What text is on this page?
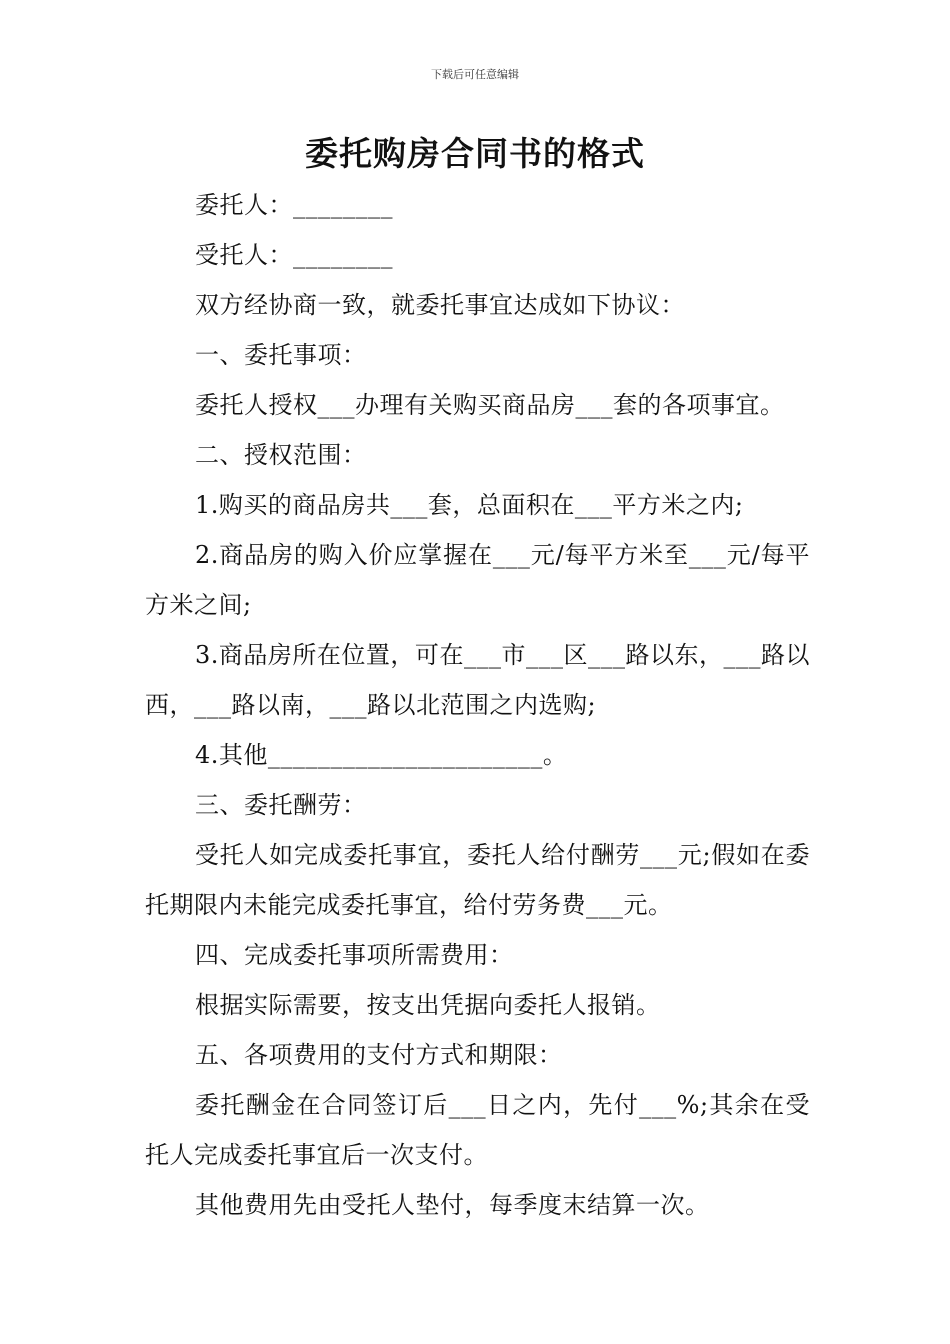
下载后可任意编辑
委托购房合同书的格式

委托人：________

受托人：________

双方经协商一致，就委托事宜达成如下协议：

一、委托事项：

委托人授权___办理有关购买商品房___套的各项事宜。

二、授权范围：

1.购买的商品房共___套，总面积在___平方米之内;

2.商品房的购入价应掌握在___元/每平方米至___元/每平方米之间;

3.商品房所在位置，可在___市___区___路以东，___路以西，___路以南，___路以北范围之内选购;

4.其他______________________。

三、委托酬劳：

受托人如完成委托事宜，委托人给付酬劳___元;假如在委托期限内未能完成委托事宜，给付劳务费___元。

四、完成委托事项所需费用：

根据实际需要，按支出凭据向委托人报销。

五、各项费用的支付方式和期限：

委托酬金在合同签订后___日之内，先付___%;其余在受托人完成委托事宜后一次支付。

其他费用先由受托人垫付，每季度末结算一次。
